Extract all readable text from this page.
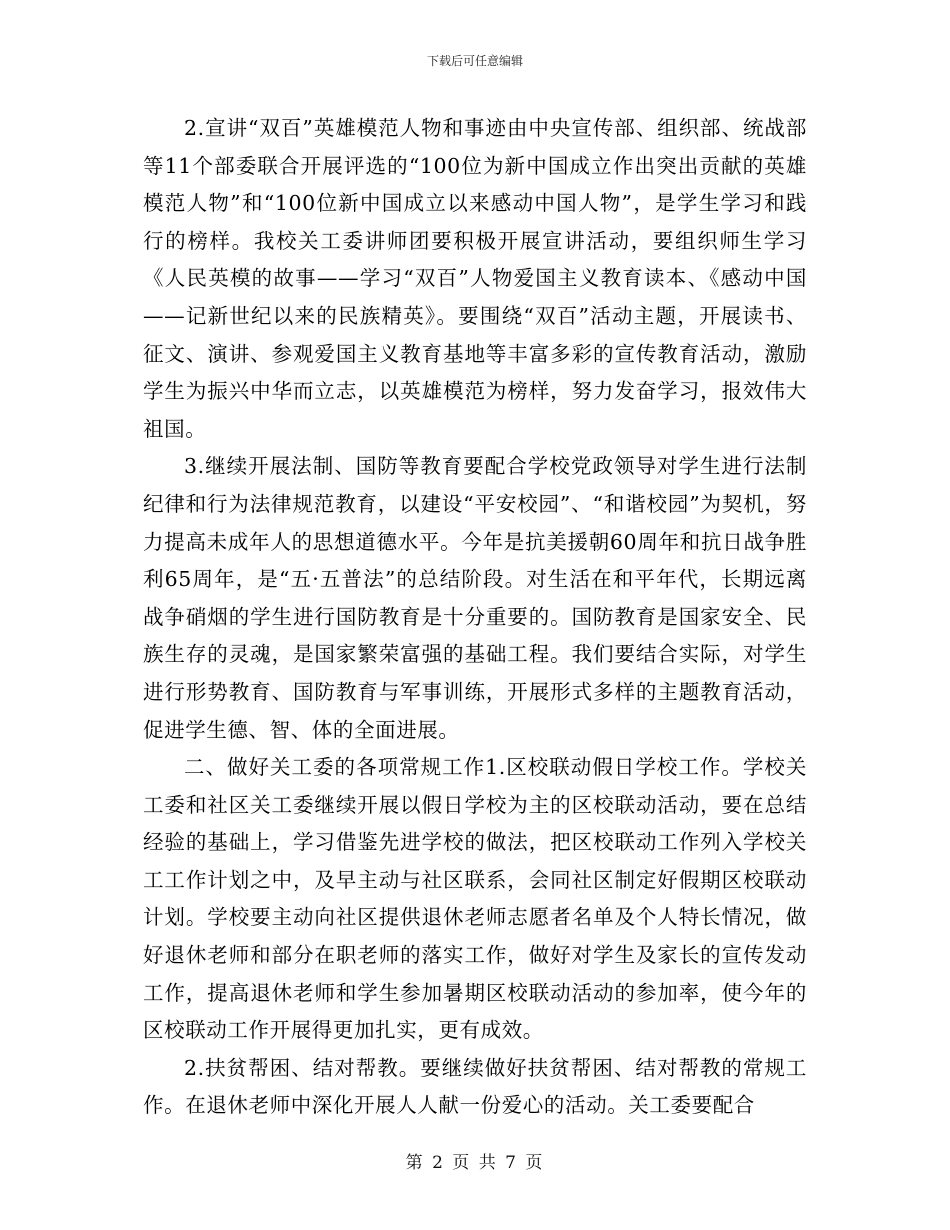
下载后可任意编辑

2.宣讲“双百”英雄模范人物和事迹由中央宣传部、组织部、统战部等11个部委联合开展评选的“100位为新中国成立作出突出贡献的英雄模范人物”和“100位新中国成立以来感动中国人物”，是学生学习和践行的榜样。我校关工委讲师团要积极开展宣讲活动，要组织师生学习《人民英模的故事——学习“双百”人物爱国主义教育读本、《感动中国——记新世纪以来的民族精英》。要围绕“双百”活动主题，开展读书、征文、演讲、参观爱国主义教育基地等丰富多彩的宣传教育活动，激励学生为振兴中华而立志，以英雄模范为榜样，努力发奋学习，报效伟大祖国。

3.继续开展法制、国防等教育要配合学校党政领导对学生进行法制纪律和行为法律规范教育，以建设“平安校园”、“和谐校园”为契机，努力提高未成年人的思想道德水平。今年是抗美援朝60周年和抗日战争胜利65周年，是“五·五普法”的总结阶段。对生活在和平年代，长期远离战争硝烟的学生进行国防教育是十分重要的。国防教育是国家安全、民族生存的灵魂，是国家繁荣富强的基础工程。我们要结合实际，对学生进行形势教育、国防教育与军事训练，开展形式多样的主题教育活动，促进学生德、智、体的全面进展。

二、做好关工委的各项常规工作1.区校联动假日学校工作。学校关工委和社区关工委继续开展以假日学校为主的区校联动活动，要在总结经验的基础上，学习借鉴先进学校的做法，把区校联动工作列入学校关工工作计划之中，及早主动与社区联系，会同社区制定好假期区校联动计划。学校要主动向社区提供退休老师志愿者名单及个人特长情况，做好退休老师和部分在职老师的落实工作，做好对学生及家长的宣传发动工作，提高退休老师和学生参加暑期区校联动活动的参加率，使今年的区校联动工作开展得更加扎实，更有成效。

2.扶贫帮困、结对帮教。要继续做好扶贫帮困、结对帮教的常规工作。在退休老师中深化开展人人献一份爱心的活动。关工委要配合

第 2 页 共 7 页
